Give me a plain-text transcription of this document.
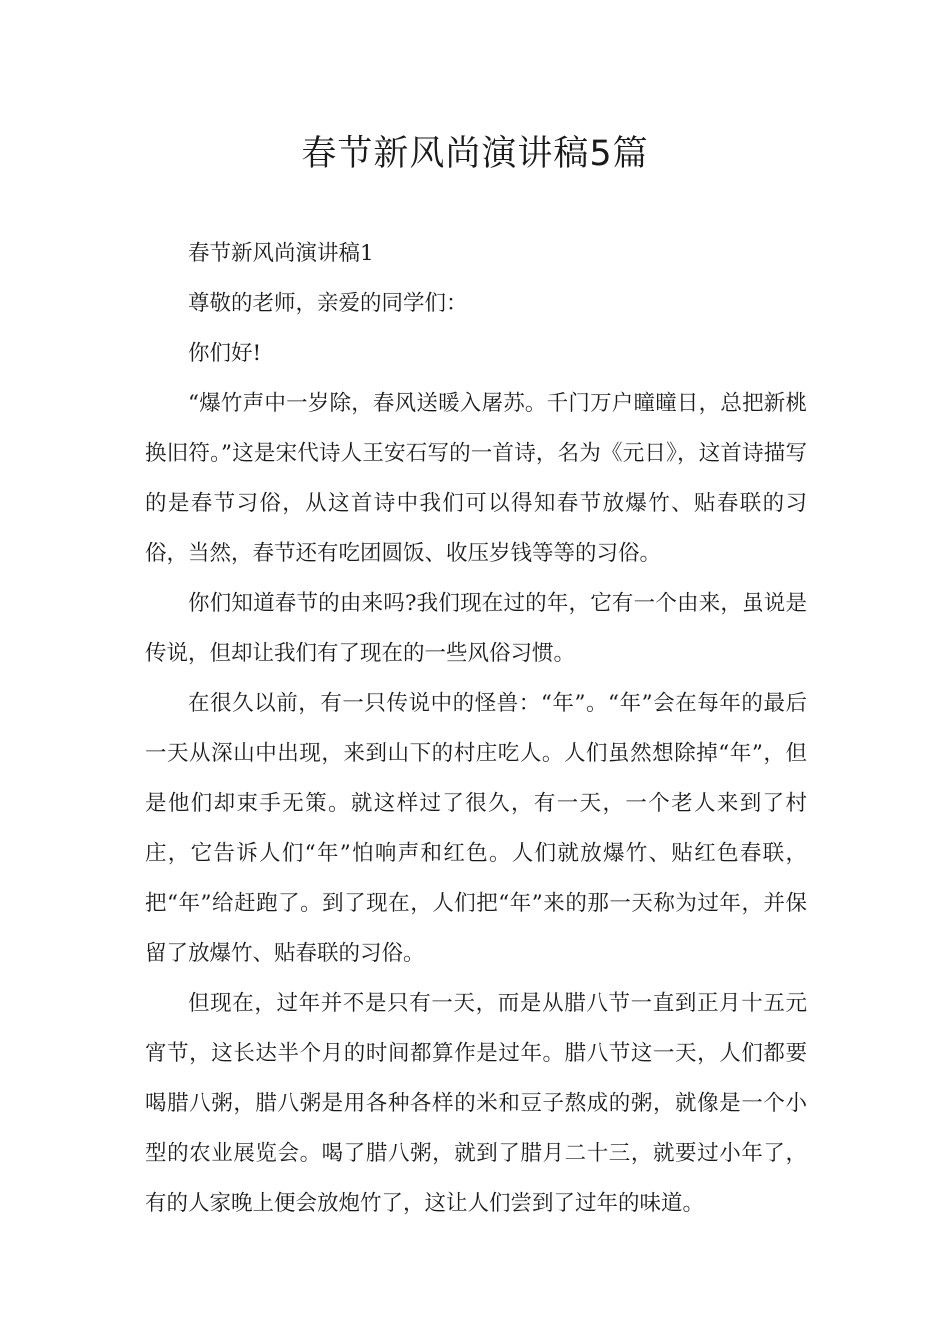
春节新风尚演讲稿5篇

春节新风尚演讲稿1

尊敬的老师，亲爱的同学们：

你们好!

“爆竹声中一岁除，春风送暖入屠苏。千门万户曈曈日，总把新桃换旧符。”这是宋代诗人王安石写的一首诗，名为《元日》，这首诗描写的是春节习俗，从这首诗中我们可以得知春节放爆竹、贴春联的习俗，当然，春节还有吃团圆饭、收压岁钱等等的习俗。

你们知道春节的由来吗?我们现在过的年，它有一个由来，虽说是传说，但却让我们有了现在的一些风俗习惯。

在很久以前，有一只传说中的怪兽：“年”。“年”会在每年的最后一天从深山中出现，来到山下的村庄吃人。人们虽然想除掉“年”，但是他们却束手无策。就这样过了很久，有一天，一个老人来到了村庄，它告诉人们“年”怕响声和红色。人们就放爆竹、贴红色春联，把“年”给赶跑了。到了现在，人们把“年”来的那一天称为过年，并保留了放爆竹、贴春联的习俗。

但现在，过年并不是只有一天，而是从腊八节一直到正月十五元宵节，这长达半个月的时间都算作是过年。腊八节这一天，人们都要喝腊八粥，腊八粥是用各种各样的米和豆子熬成的粥，就像是一个小型的农业展览会。喝了腊八粥，就到了腊月二十三，就要过小年了，有的人家晚上便会放炮竹了，这让人们尝到了过年的味道。
